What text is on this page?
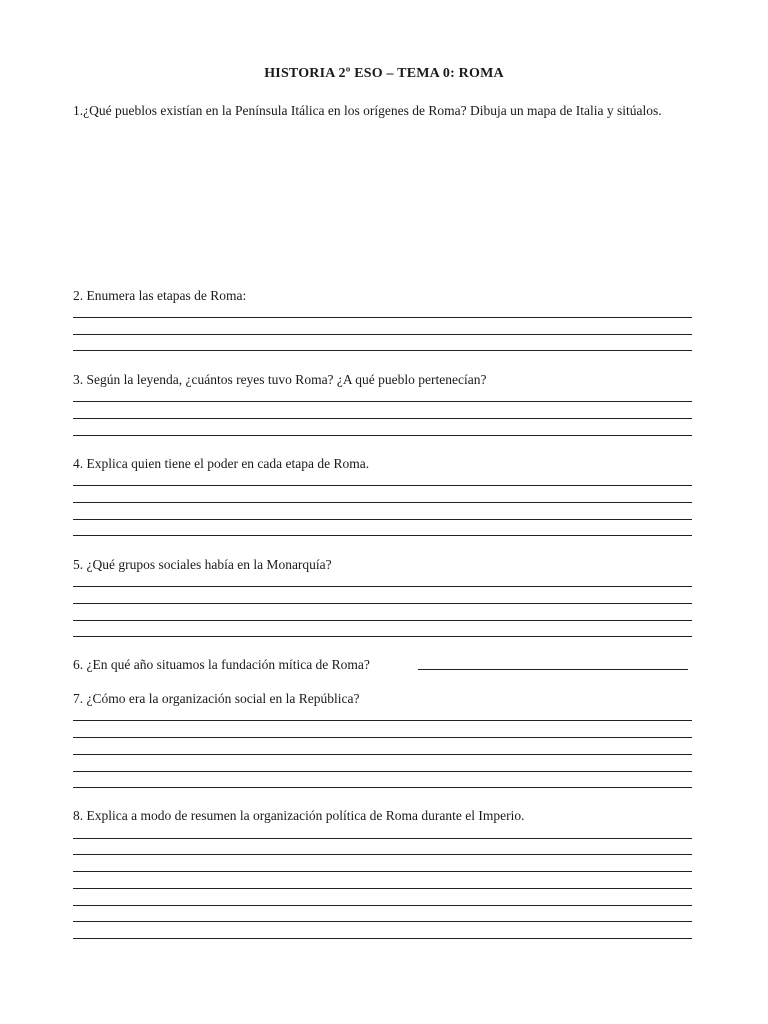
HISTORIA 2º ESO – TEMA 0: ROMA
1.¿Qué pueblos existían en la Península Itálica en los orígenes de Roma? Dibuja un mapa de Italia y sitúalos.
2. Enumera las etapas de Roma:
3. Según la leyenda, ¿cuántos reyes tuvo Roma? ¿A qué pueblo pertenecían?
4. Explica quien tiene el poder en cada etapa de Roma.
5. ¿Qué grupos sociales había en la Monarquía?
6. ¿En qué año situamos la fundación mítica de Roma?
7. ¿Cómo era la organización social en la República?
8. Explica a modo de resumen la organización política de Roma durante el Imperio.
